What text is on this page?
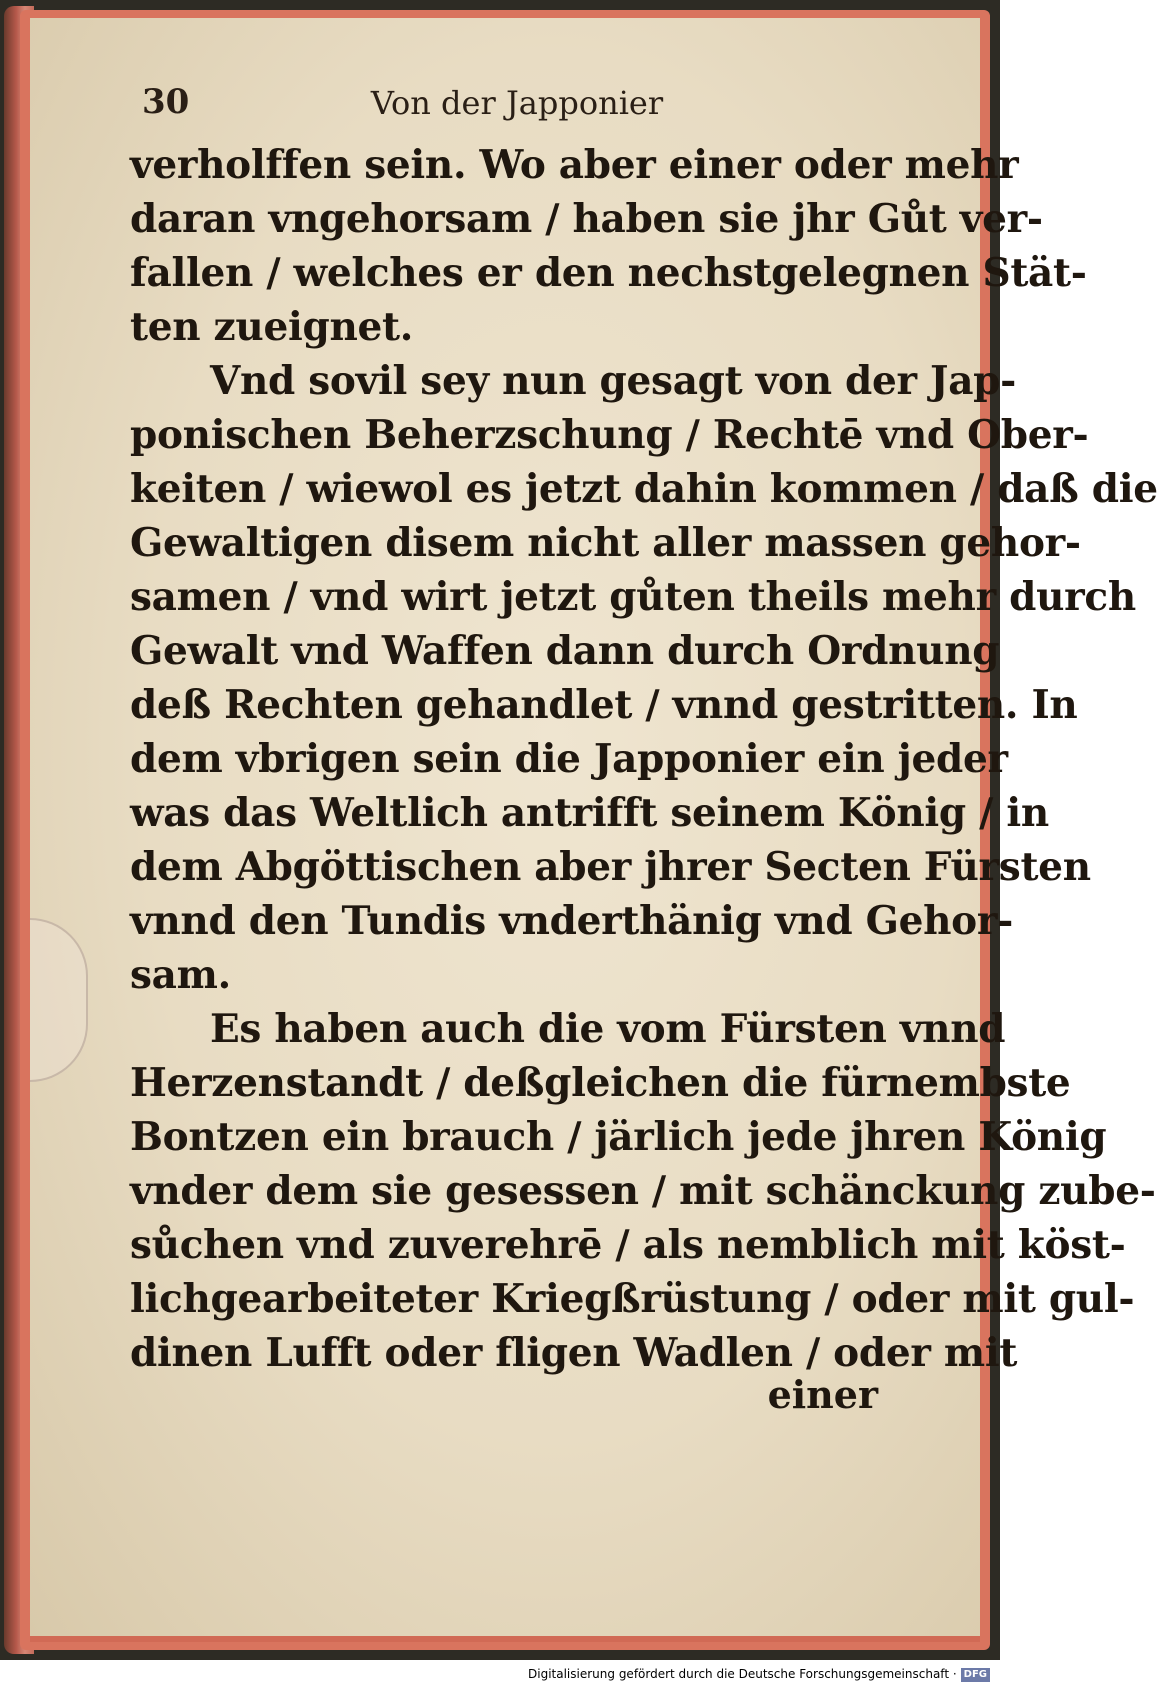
30	Von der Japponier
verholffen sein. Wo aber einer oder mehr
daran vngehorsam / haben sie jhr Gůt ver-
fallen / welches er den nechstgelegnen Stät-
ten zueignet.
Vnd sovil sey nun gesagt von der Jap-
ponischen Beherzschung / Rechtē vnd Ober-
keiten / wiewol es jetzt dahin kommen / daß die
Gewaltigen disem nicht aller massen gehor-
samen / vnd wirt jetzt gůten theils mehr durch
Gewalt vnd Waffen dann durch Ordnung
deß Rechten gehandlet / vnnd gestritten. In
dem vbrigen sein die Japponier ein jeder
was das Weltlich antrifft seinem König / in
dem Abgöttischen aber jhrer Secten Fürsten
vnnd den Tundis vnderthänig vnd Gehor-
sam.
Es haben auch die vom Fürsten vnnd
Herzenstandt / deßgleichen die fürnembste
Bontzen ein brauch / järlich jede jhren König
vnder dem sie gesessen / mit schänckung zube-
sůchen vnd zuverehrē / als nemblich mit köst-
lichgearbeiteter Kriegßrüstung / oder mit gul-
dinen Lufft oder fligen Wadlen / oder mit
einer
Digitalisierung gefördert durch die Deutsche Forschungsgemeinschaft · DFG
